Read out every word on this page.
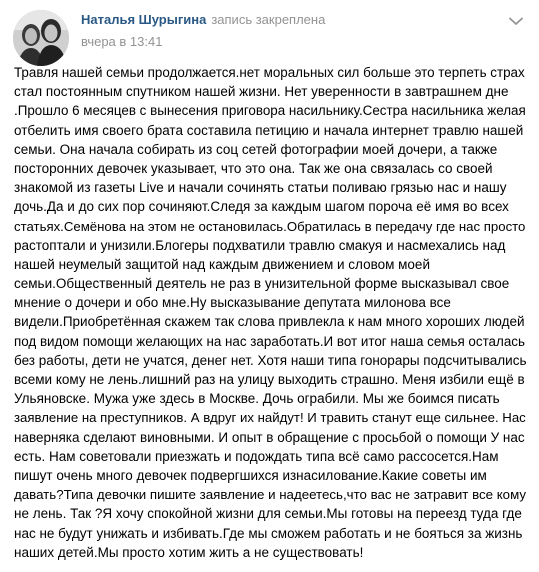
Наталья Шурыгина запись закреплена
вчера в 13:41
Травля нашей семьи продолжается.нет моральных сил больше это терпеть страх
стал постоянным спутником нашей жизни. Нет уверенности в завтрашнем дне
.Прошло 6 месяцев с вынесения приговора насильнику.Сестра насильника желая
отбелить имя своего брата составила петицию и начала интернет травлю нашей
семьи. Она начала собирать из соц сетей фотографии моей дочери, а также
посторонних девочек указывает, что это она. Так же она связалась со своей
знакомой из газеты Live и начали сочинять статьи поливаю грязью нас и нашу
дочь.Да и до сих пор сочиняют.Следя за каждым шагом пороча её имя во всех
статьях.Семёнова на этом не остановилась.Обратилась в передачу где нас просто
растоптали и унизили.Блогеры подхватили травлю смакуя и насмехались над
нашей неумелый защитой над каждым движением и словом моей
семьи.Общественный деятель не раз в унизительной форме высказывал свое
мнение о дочери и обо мне.Ну высказывание депутата милонова все
видели.Приобретённая скажем так слова привлекла к нам много хороших людей
под видом помощи желающих на нас заработать.И вот итог наша семья осталась
без работы, дети не учатся, денег нет. Хотя наши типа гонорары подсчитывались
всеми кому не лень.лишний раз на улицу выходить страшно. Меня избили ещё в
Ульяновске. Мужа уже здесь в Москве. Дочь ограбили. Мы же боимся писать
заявление на преступников. А вдруг их найдут! И травить станут еще сильнее. Нас
наверняка сделают виновными. И опыт в обращение с просьбой о помощи У нас
есть. Нам советовали приезжать и подождать типа всё само рассосется.Нам
пишут очень много девочек подвергшихся изнасилование.Какие советы им
давать?Типа девочки пишите заявление и надеетесь,что вас не затравит все кому
не лень. Так ?Я хочу спокойной жизни для семьи.Мы готовы на переезд туда где
нас не будут унижать и избивать.Где мы сможем работать и не бояться за жизнь
наших детей.Мы просто хотим жить а не существовать!
